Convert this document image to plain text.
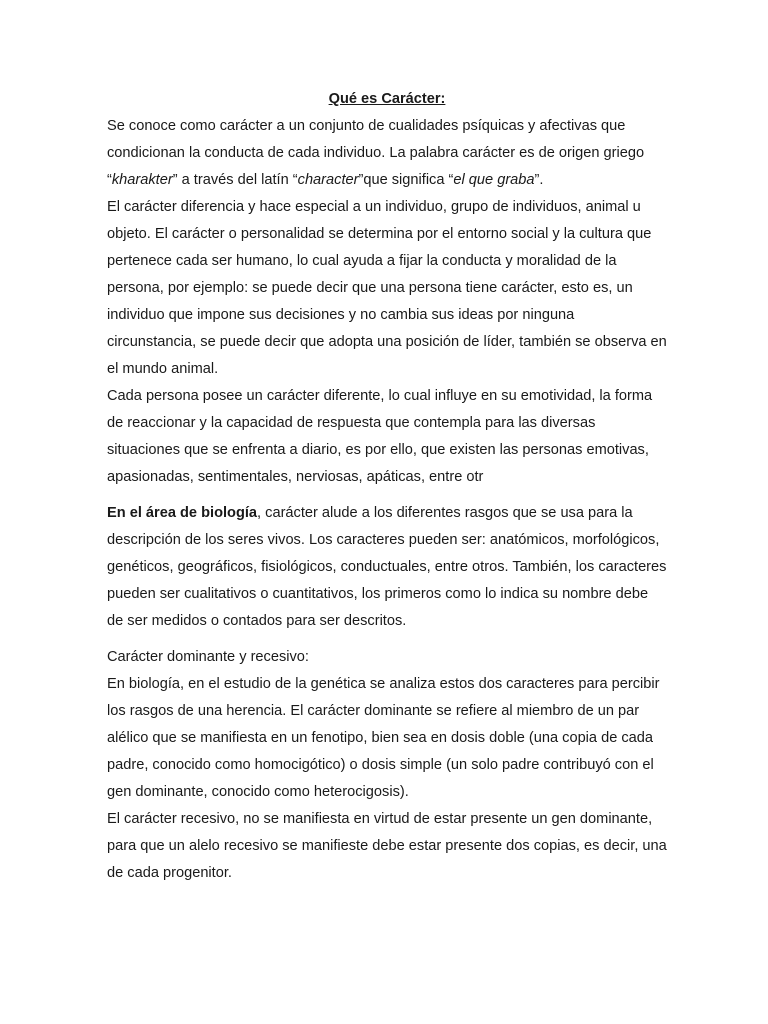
Qué es Carácter:

Se conoce como carácter a un conjunto de cualidades psíquicas y afectivas que condicionan la conducta de cada individuo. La palabra carácter es de origen griego “kharakter” a través del latín “character”que significa “el que graba”.

El carácter diferencia y hace especial a un individuo, grupo de individuos, animal u objeto. El carácter o personalidad se determina por el entorno social y la cultura que pertenece cada ser humano, lo cual ayuda a fijar la conducta y moralidad de la persona, por ejemplo: se puede decir que una persona tiene carácter, esto es, un individuo que impone sus decisiones y no cambia sus ideas por ninguna circunstancia, se puede decir que adopta una posición de líder, también se observa en el mundo animal.

Cada persona posee un carácter diferente, lo cual influye en su emotividad, la forma de reaccionar y la capacidad de respuesta que contempla para las diversas situaciones que se enfrenta a diario, es por ello, que existen las personas emotivas, apasionadas, sentimentales, nerviosas, apáticas, entre otr

En el área de biología, carácter alude a los diferentes rasgos que se usa para la descripción de los seres vivos. Los caracteres pueden ser: anatómicos, morfológicos, genéticos, geográficos, fisiológicos, conductuales, entre otros. También, los caracteres pueden ser cualitativos o cuantitativos, los primeros como lo indica su nombre debe de ser medidos o contados para ser descritos.

Carácter dominante y recesivo:

En biología, en el estudio de la genética se analiza estos dos caracteres para percibir los rasgos de una herencia. El carácter dominante se refiere al miembro de un par alélico que se manifiesta en un fenotipo, bien sea en dosis doble (una copia de cada padre, conocido como homocigótico) o dosis simple (un solo padre contribuyó con el gen dominante, conocido como heterocigosis).

El carácter recesivo, no se manifiesta en virtud de estar presente un gen dominante, para que un alelo recesivo se manifieste debe estar presente dos copias, es decir, una de cada progenitor.
